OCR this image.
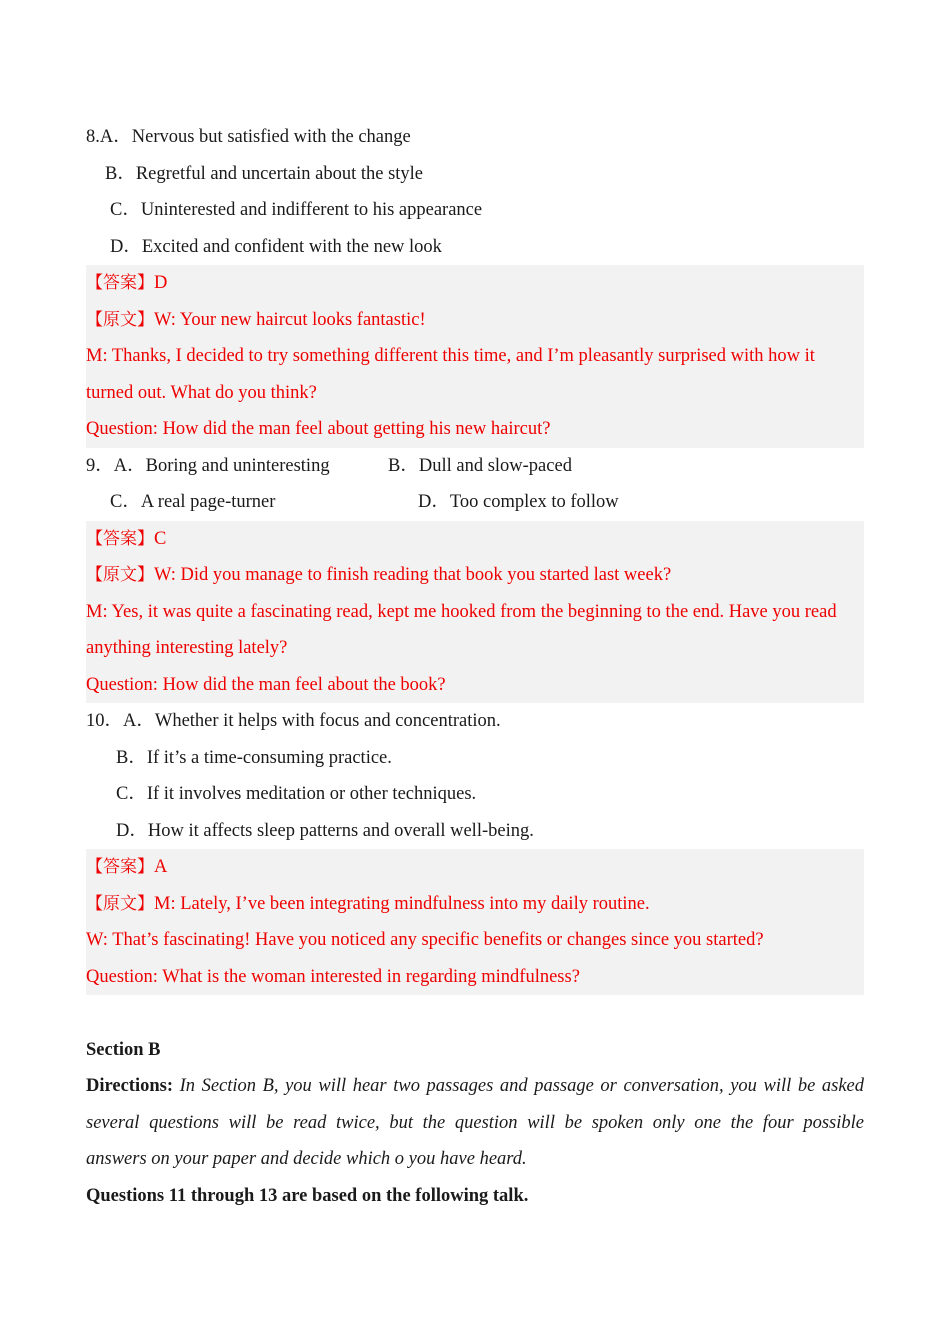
8.A．Nervous but satisfied with the change
B．Regretful and uncertain about the style
C．Uninterested and indifferent to his appearance
D．Excited and confident with the new look
【答案】D
【原文】W: Your new haircut looks fantastic!
M: Thanks, I decided to try something different this time, and I’m pleasantly surprised with how it
turned out. What do you think?
Question: How did the man feel about getting his new haircut?
9．A．Boring and uninteresting	B．Dull and slow-paced
C．A real page-turner	D．Too complex to follow
【答案】C
【原文】W: Did you manage to finish reading that book you started last week?
M: Yes, it was quite a fascinating read, kept me hooked from the beginning to the end. Have you read
anything interesting lately?
Question: How did the man feel about the book?
10．A．Whether it helps with focus and concentration.
B．If it’s a time-consuming practice.
C．If it involves meditation or other techniques.
D．How it affects sleep patterns and overall well-being.
【答案】A
【原文】M: Lately, I’ve been integrating mindfulness into my daily routine.
W: That’s fascinating! Have you noticed any specific benefits or changes since you started?
Question: What is the woman interested in regarding mindfulness?
Section B
Directions: In Section B, you will hear two passages and passage or conversation, you will be asked
several questions will be read twice, but the question will be spoken only one the four possible
answers on your paper and decide which o you have heard.
Questions 11 through 13 are based on the following talk.
